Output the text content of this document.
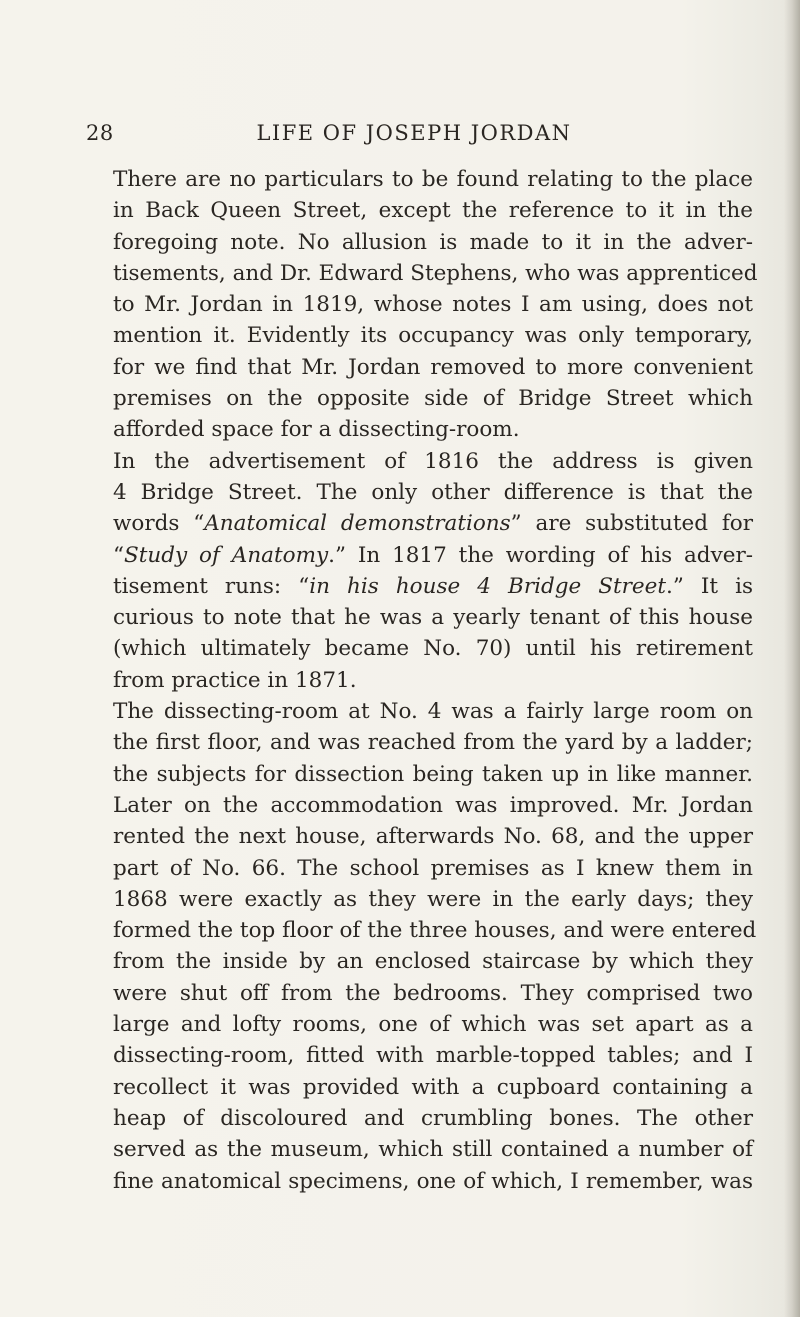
28	LIFE OF JOSEPH JORDAN
There are no particulars to be found relating to the place
in Back Queen Street, except the reference to it in the
foregoing note. No allusion is made to it in the adver-
tisements, and Dr. Edward Stephens, who was apprenticed
to Mr. Jordan in 1819, whose notes I am using, does not
mention it. Evidently its occupancy was only temporary,
for we find that Mr. Jordan removed to more convenient
premises on the opposite side of Bridge Street which
afforded space for a dissecting-room.
In the advertisement of 1816 the address is given
4 Bridge Street. The only other difference is that the
words “Anatomical demonstrations” are substituted for
“Study of Anatomy.” In 1817 the wording of his adver-
tisement runs: “in his house 4 Bridge Street.” It is
curious to note that he was a yearly tenant of this house
(which ultimately became No. 70) until his retirement
from practice in 1871.
The dissecting-room at No. 4 was a fairly large room on
the first floor, and was reached from the yard by a ladder;
the subjects for dissection being taken up in like manner.
Later on the accommodation was improved. Mr. Jordan
rented the next house, afterwards No. 68, and the upper
part of No. 66. The school premises as I knew them in
1868 were exactly as they were in the early days; they
formed the top floor of the three houses, and were entered
from the inside by an enclosed staircase by which they
were shut off from the bedrooms. They comprised two
large and lofty rooms, one of which was set apart as a
dissecting-room, fitted with marble-topped tables; and I
recollect it was provided with a cupboard containing a
heap of discoloured and crumbling bones. The other
served as the museum, which still contained a number of
fine anatomical specimens, one of which, I remember, was
